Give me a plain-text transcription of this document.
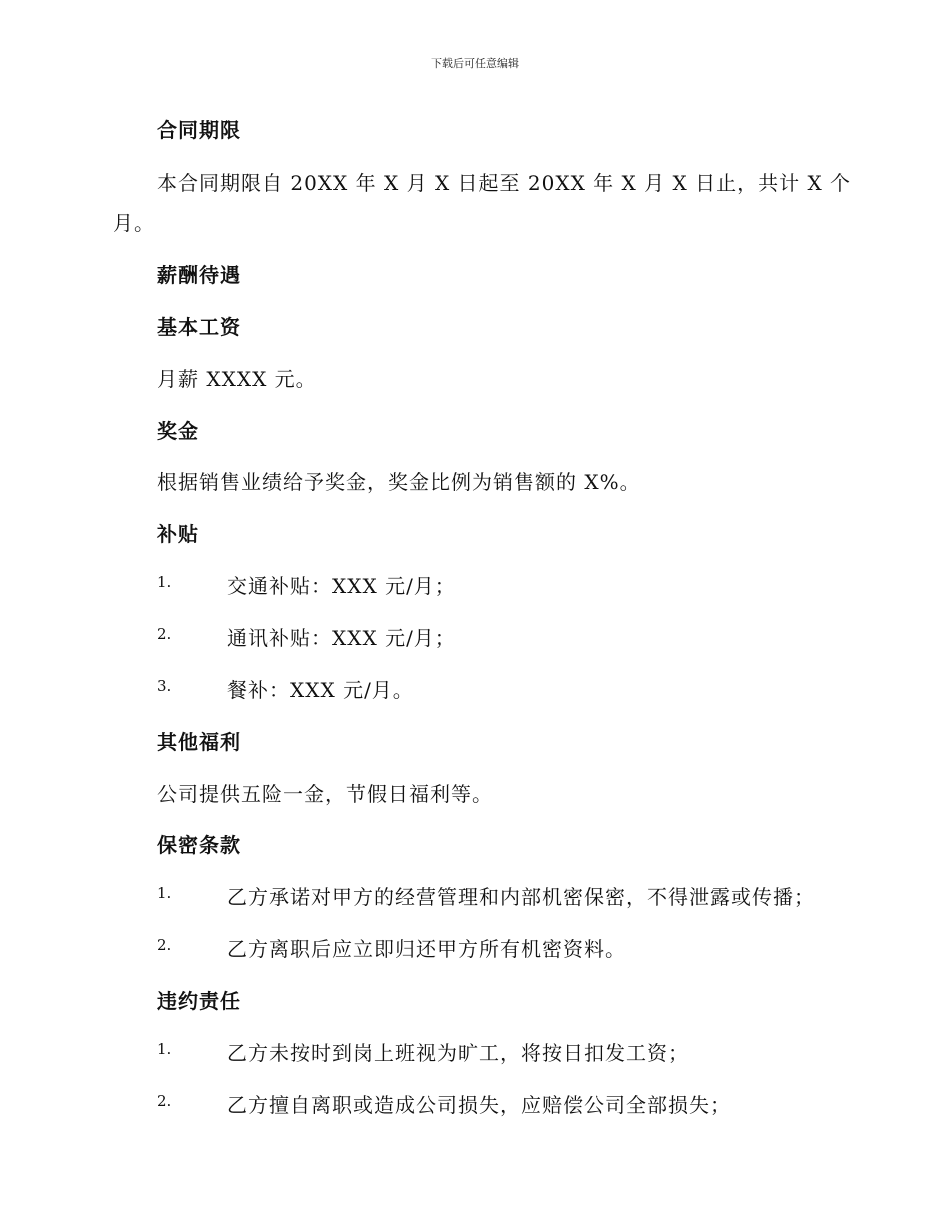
下载后可任意编辑
合同期限
本合同期限自 20XX 年 X 月 X 日起至 20XX 年 X 月 X 日止，共计 X 个
月。
薪酬待遇
基本工资
月薪 XXXX 元。
奖金
根据销售业绩给予奖金，奖金比例为销售额的 X%。
补贴
1.	交通补贴：XXX 元/月；
2.	通讯补贴：XXX 元/月；
3.	餐补：XXX 元/月。
其他福利
公司提供五险一金，节假日福利等。
保密条款
1.	乙方承诺对甲方的经营管理和内部机密保密，不得泄露或传播；
2.	乙方离职后应立即归还甲方所有机密资料。
违约责任
1.	乙方未按时到岗上班视为旷工，将按日扣发工资；
2.	乙方擅自离职或造成公司损失，应赔偿公司全部损失；
